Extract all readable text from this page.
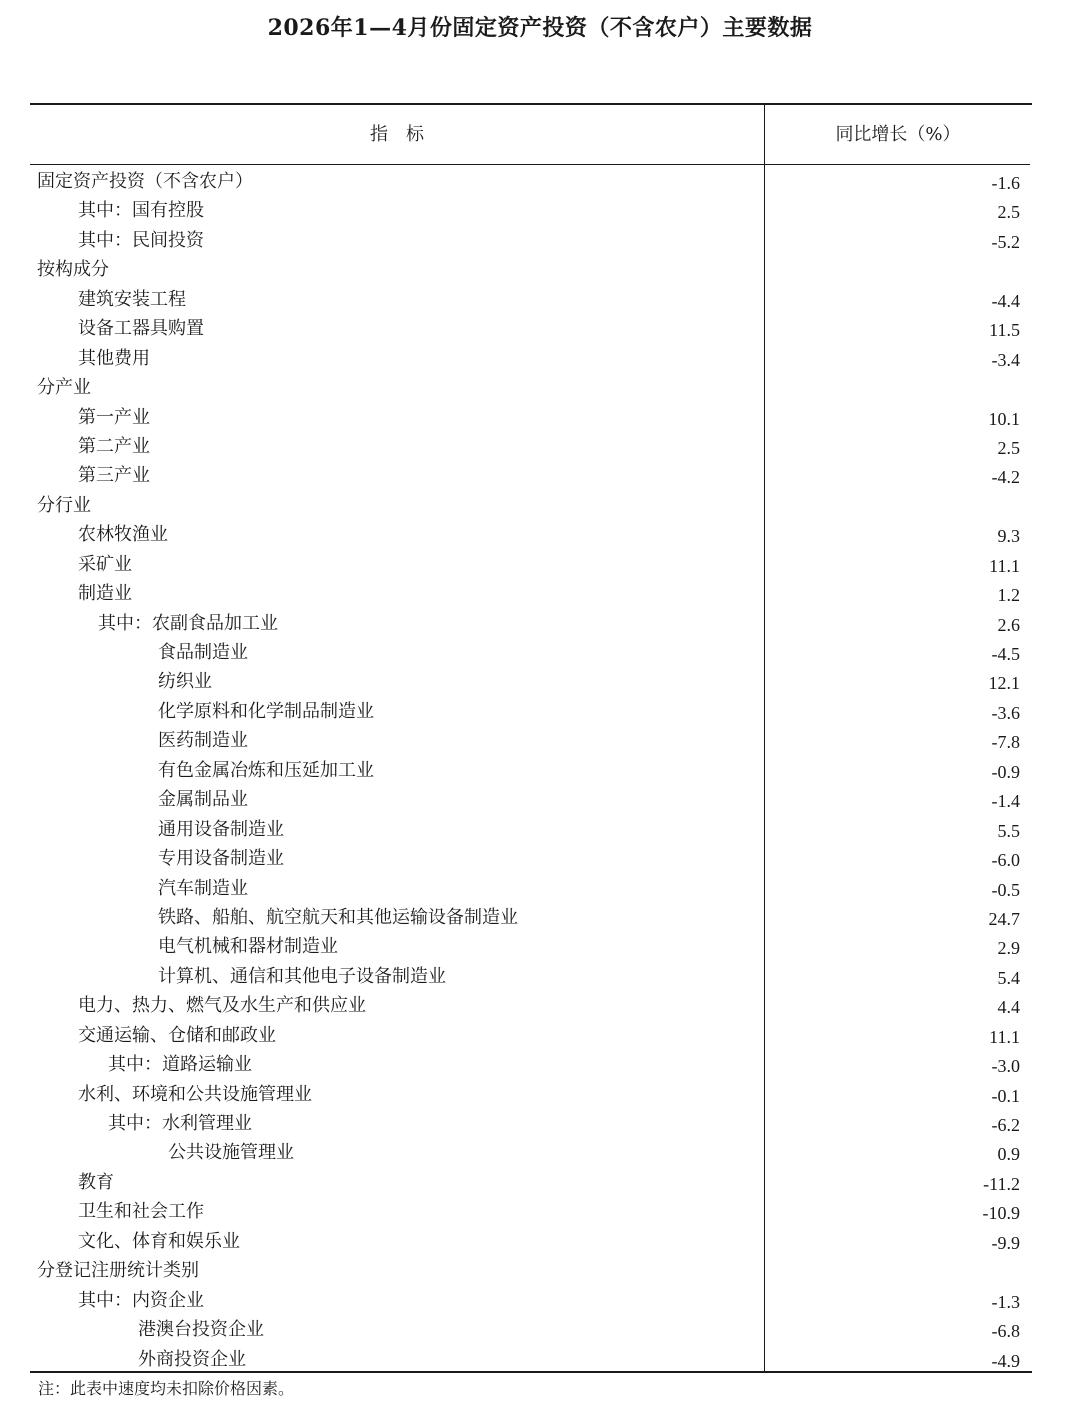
2026年1—4月份固定资产投资（不含农户）主要数据
指　标	同比增长（%）
固定资产投资（不含农户）	-1.6
其中：国有控股	2.5
其中：民间投资	-5.2
按构成分
建筑安装工程	-4.4
设备工器具购置	11.5
其他费用	-3.4
分产业
第一产业	10.1
第二产业	2.5
第三产业	-4.2
分行业
农林牧渔业	9.3
采矿业	11.1
制造业	1.2
其中：农副食品加工业	2.6
食品制造业	-4.5
纺织业	12.1
化学原料和化学制品制造业	-3.6
医药制造业	-7.8
有色金属冶炼和压延加工业	-0.9
金属制品业	-1.4
通用设备制造业	5.5
专用设备制造业	-6.0
汽车制造业	-0.5
铁路、船舶、航空航天和其他运输设备制造业	24.7
电气机械和器材制造业	2.9
计算机、通信和其他电子设备制造业	5.4
电力、热力、燃气及水生产和供应业	4.4
交通运输、仓储和邮政业	11.1
其中：道路运输业	-3.0
水利、环境和公共设施管理业	-0.1
其中：水利管理业	-6.2
公共设施管理业	0.9
教育	-11.2
卫生和社会工作	-10.9
文化、体育和娱乐业	-9.9
分登记注册统计类别
其中：内资企业	-1.3
港澳台投资企业	-6.8
外商投资企业	-4.9
注：此表中速度均未扣除价格因素。
